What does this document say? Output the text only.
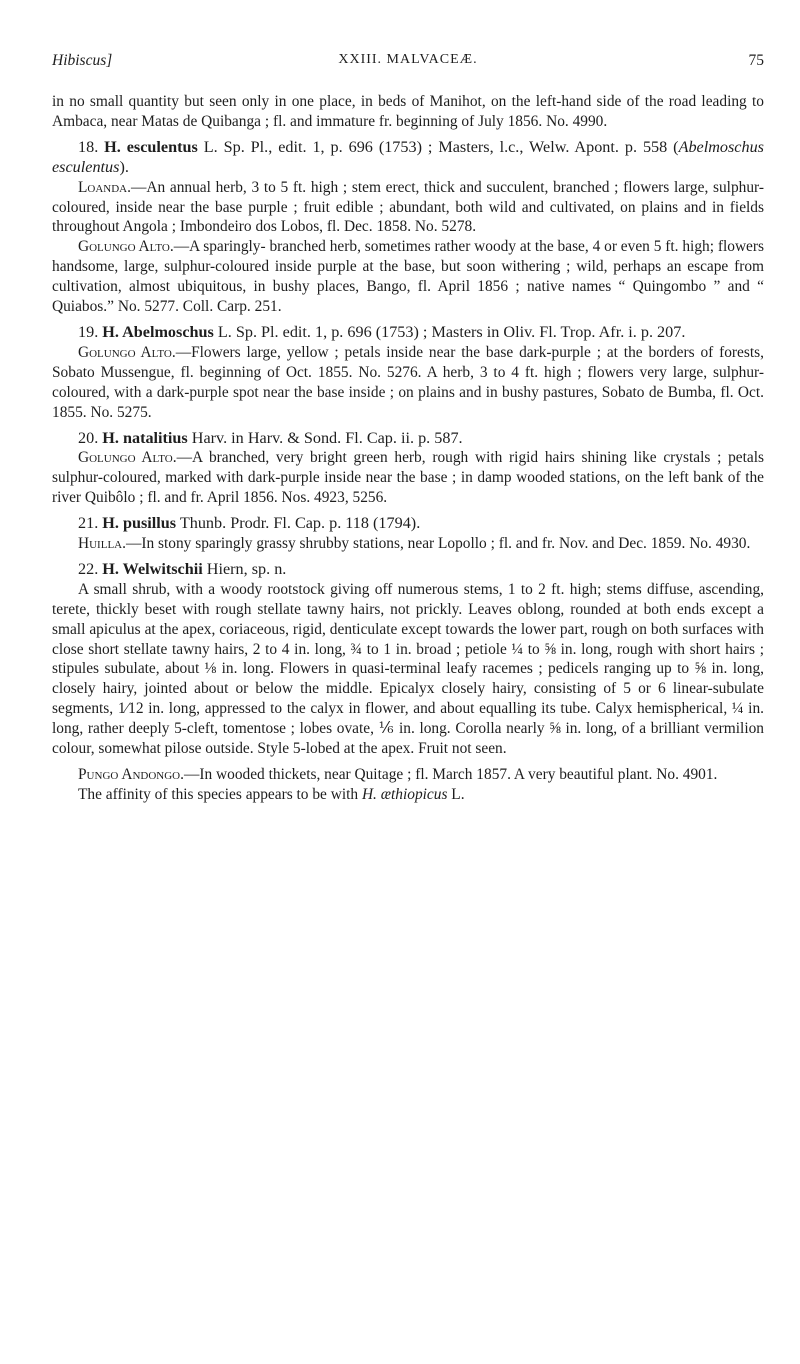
Hibiscus]	XXIII. MALVACEÆ.	75

in no small quantity but seen only in one place, in beds of Manihot, on the left-hand side of the road leading to Ambaca, near Matas de Quibanga ; fl. and immature fr. beginning of July 1856. No. 4990.

18. H. esculentus L. Sp. Pl., edit. 1, p. 696 (1753) ; Masters, l.c., Welw. Apont. p. 558 (Abelmoschus esculentus).

Loanda.—An annual herb, 3 to 5 ft. high ; stem erect, thick and succulent, branched ; flowers large, sulphur-coloured, inside near the base purple ; fruit edible ; abundant, both wild and cultivated, on plains and in fields throughout Angola ; Imbondeiro dos Lobos, fl. Dec. 1858. No. 5278.

Golungo Alto.—A sparingly- branched herb, sometimes rather woody at the base, 4 or even 5 ft. high; flowers handsome, large, sulphur-coloured inside purple at the base, but soon withering ; wild, perhaps an escape from cultivation, almost ubiquitous, in bushy places, Bango, fl. April 1856 ; native names “ Quingombo ” and “ Quiabos.” No. 5277. Coll. Carp. 251.

19. H. Abelmoschus L. Sp. Pl. edit. 1, p. 696 (1753) ; Masters in Oliv. Fl. Trop. Afr. i. p. 207.

Golungo Alto.—Flowers large, yellow ; petals inside near the base dark-purple ; at the borders of forests, Sobato Mussengue, fl. beginning of Oct. 1855. No. 5276. A herb, 3 to 4 ft. high ; flowers very large, sulphur-coloured, with a dark-purple spot near the base inside ; on plains and in bushy pastures, Sobato de Bumba, fl. Oct. 1855. No. 5275.

20. H. natalitius Harv. in Harv. & Sond. Fl. Cap. ii. p. 587.

Golungo Alto.—A branched, very bright green herb, rough with rigid hairs shining like crystals ; petals sulphur-coloured, marked with dark-purple inside near the base ; in damp wooded stations, on the left bank of the river Quibôlo ; fl. and fr. April 1856. Nos. 4923, 5256.

21. H. pusillus Thunb. Prodr. Fl. Cap. p. 118 (1794).

Huilla.—In stony sparingly grassy shrubby stations, near Lopollo ; fl. and fr. Nov. and Dec. 1859. No. 4930.

22. H. Welwitschii Hiern, sp. n.

A small shrub, with a woody rootstock giving off numerous stems, 1 to 2 ft. high; stems diffuse, ascending, terete, thickly beset with rough stellate tawny hairs, not prickly. Leaves oblong, rounded at both ends except a small apiculus at the apex, coriaceous, rigid, denticulate except towards the lower part, rough on both surfaces with close short stellate tawny hairs, 2 to 4 in. long, ¾ to 1 in. broad ; petiole ¼ to ⅝ in. long, rough with short hairs ; stipules subulate, about ⅛ in. long. Flowers in quasi-terminal leafy racemes ; pedicels ranging up to ⅝ in. long, closely hairy, jointed about or below the middle. Epicalyx closely hairy, consisting of 5 or 6 linear-subulate segments, 1⁄12 in. long, appressed to the calyx in flower, and about equalling its tube. Calyx hemispherical, ¼ in. long, rather deeply 5-cleft, tomentose ; lobes ovate, ⅙ in. long. Corolla nearly ⅝ in. long, of a brilliant vermilion colour, somewhat pilose outside. Style 5-lobed at the apex. Fruit not seen.

Pungo Andongo.—In wooded thickets, near Quitage ; fl. March 1857. A very beautiful plant. No. 4901.

The affinity of this species appears to be with H. æthiopicus L.
